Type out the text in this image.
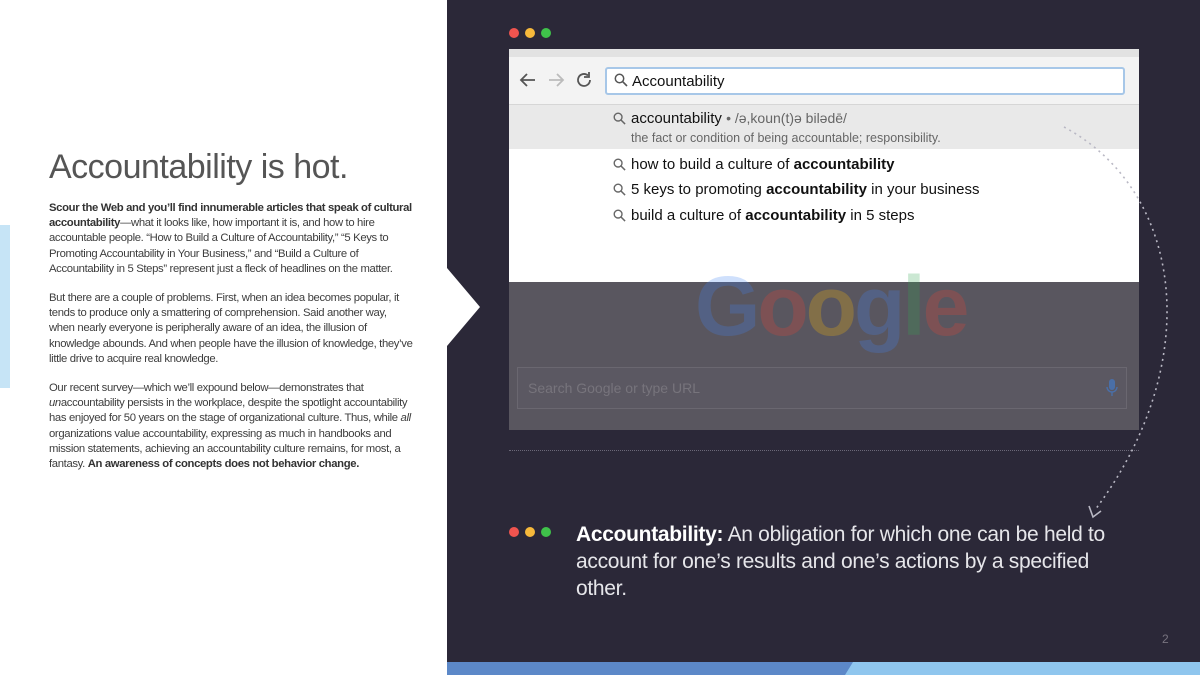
Accountability is hot.

Scour the Web and you’ll find innumerable articles that speak of cultural accountability—what it looks like, how important it is, and how to hire accountable people. “How to Build a Culture of Accountability,” “5 Keys to Promoting Accountability in Your Business,” and “Build a Culture of Accountability in 5 Steps” represent just a fleck of headlines on the matter.

But there are a couple of problems. First, when an idea becomes popular, it tends to produce only a smattering of comprehension. Said another way, when nearly everyone is peripherally aware of an idea, the illusion of knowledge abounds. And when people have the illusion of knowledge, they’ve little drive to acquire real knowledge.

Our recent survey—which we’ll expound below—demonstrates that unaccountability persists in the workplace, despite the spotlight accountability has enjoyed for 50 years on the stage of organizational culture. Thus, while all organizations value accountability, expressing as much in handbooks and mission statements, achieving an accountability culture remains, for most, a fantasy. An awareness of concepts does not behavior change.

Accountability
accountability • /ə,koun(t)ə bilədē/
the fact or condition of being accountable; responsibility.
how to build a culture of accountability
5 keys to promoting accountability in your business
build a culture of accountability in 5 steps
Google
Search Google or type URL
Accountability: An obligation for which one can be held to account for one’s results and one’s actions by a specified other.
2
